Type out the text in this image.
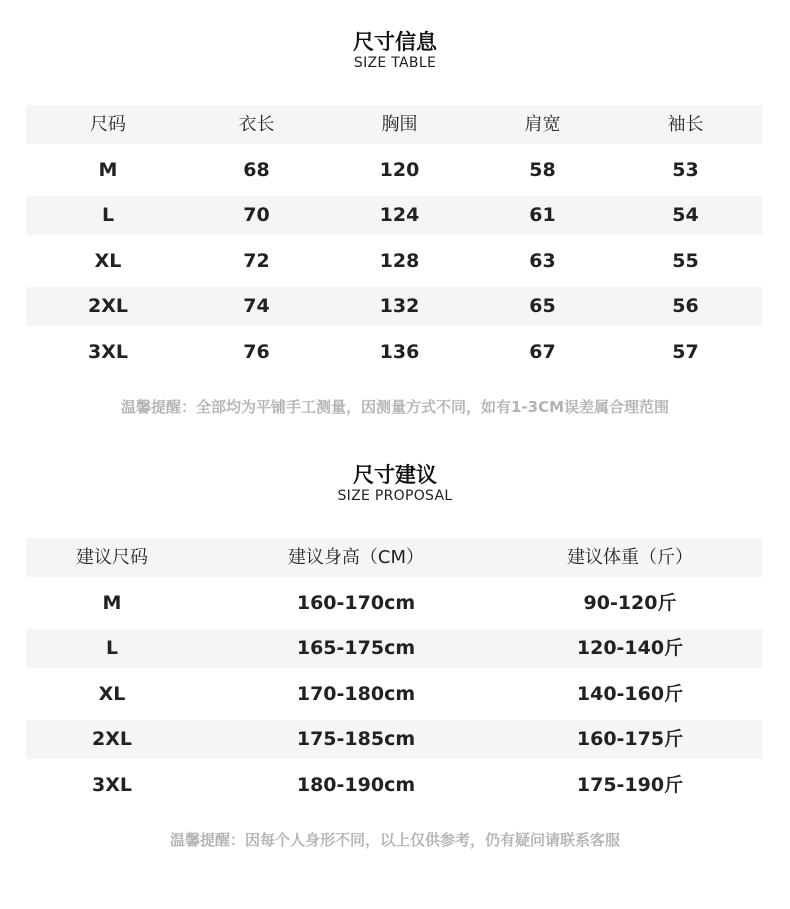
尺寸信息
SIZE TABLE
尺码	衣长	胸围	肩宽	袖长
M	68	120	58	53
L	70	124	61	54
XL	72	128	63	55
2XL	74	132	65	56
3XL	76	136	67	57
温馨提醒：全部均为平铺手工测量，因测量方式不同，如有1-3CM误差属合理范围
尺寸建议
SIZE PROPOSAL
建议尺码	建议身高（CM）	建议体重（斤）
M	160-170cm	90-120斤
L	165-175cm	120-140斤
XL	170-180cm	140-160斤
2XL	175-185cm	160-175斤
3XL	180-190cm	175-190斤
温馨提醒：因每个人身形不同，以上仅供参考，仍有疑问请联系客服
